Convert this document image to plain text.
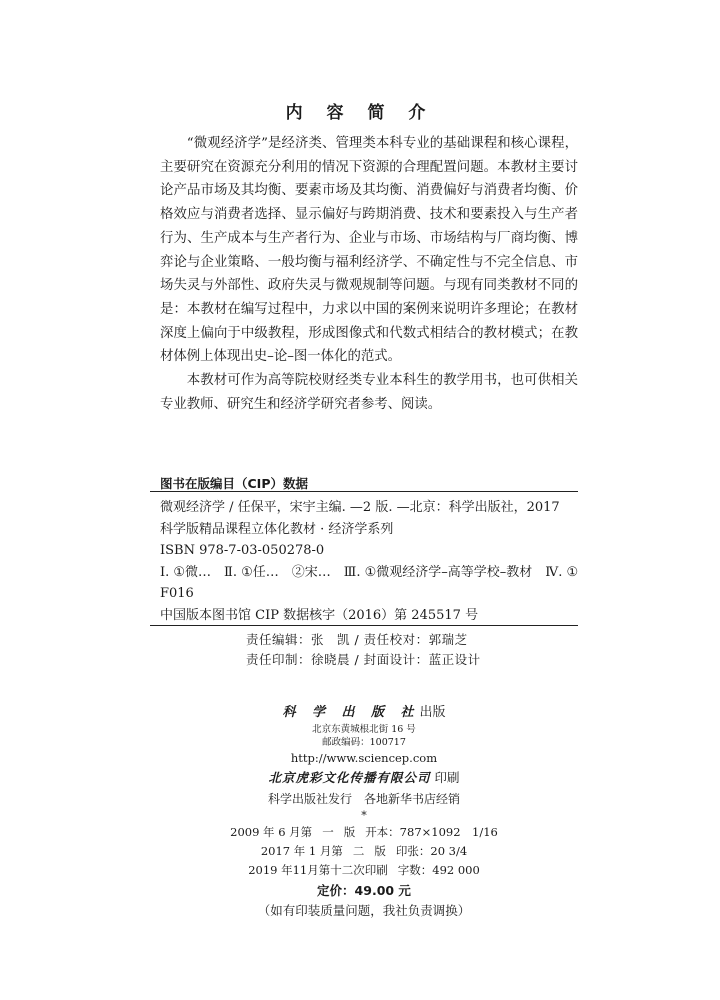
内 容 简 介

“微观经济学”是经济类、管理类本科专业的基础课程和核心课程，主要研究在资源充分利用的情况下资源的合理配置问题。本教材主要讨论产品市场及其均衡、要素市场及其均衡、消费偏好与消费者均衡、价格效应与消费者选择、显示偏好与跨期消费、技术和要素投入与生产者行为、生产成本与生产者行为、企业与市场、市场结构与厂商均衡、博弈论与企业策略、一般均衡与福利经济学、不确定性与不完全信息、市场失灵与外部性、政府失灵与微观规制等问题。与现有同类教材不同的是：本教材在编写过程中，力求以中国的案例来说明许多理论；在教材深度上偏向于中级教程，形成图像式和代数式相结合的教材模式；在教材体例上体现出史–论–图一体化的范式。

本教材可作为高等院校财经类专业本科生的教学用书，也可供相关专业教师、研究生和经济学研究者参考、阅读。

图书在版编目（CIP）数据
微观经济学 / 任保平，宋宇主编. —2 版. —北京：科学出版社，2017
科学版精品课程立体化教材 · 经济学系列
ISBN 978-7-03-050278-0
Ⅰ. ①微…　Ⅱ. ①任…　②宋…　Ⅲ. ①微观经济学–高等学校–教材　Ⅳ. ①
F016
中国版本图书馆 CIP 数据核字（2016）第 245517 号
责任编辑：张　凯 / 责任校对：郭瑞芝
责任印制：徐晓晨 / 封面设计：蓝正设计
科 学 出 版 社出版
北京东黄城根北街 16 号
邮政编码：100717
http://www.sciencep.com
北京虎彩文化传播有限公司 印刷
科学出版社发行　各地新华书店经销
*
2009 年 6 月第 一 版 开本：787×1092　1/16
2017 年 1 月第 二 版 印张：20 3/4
2019 年11月第十二次印刷 字数：492 000
定价：49.00 元
（如有印装质量问题，我社负责调换）
